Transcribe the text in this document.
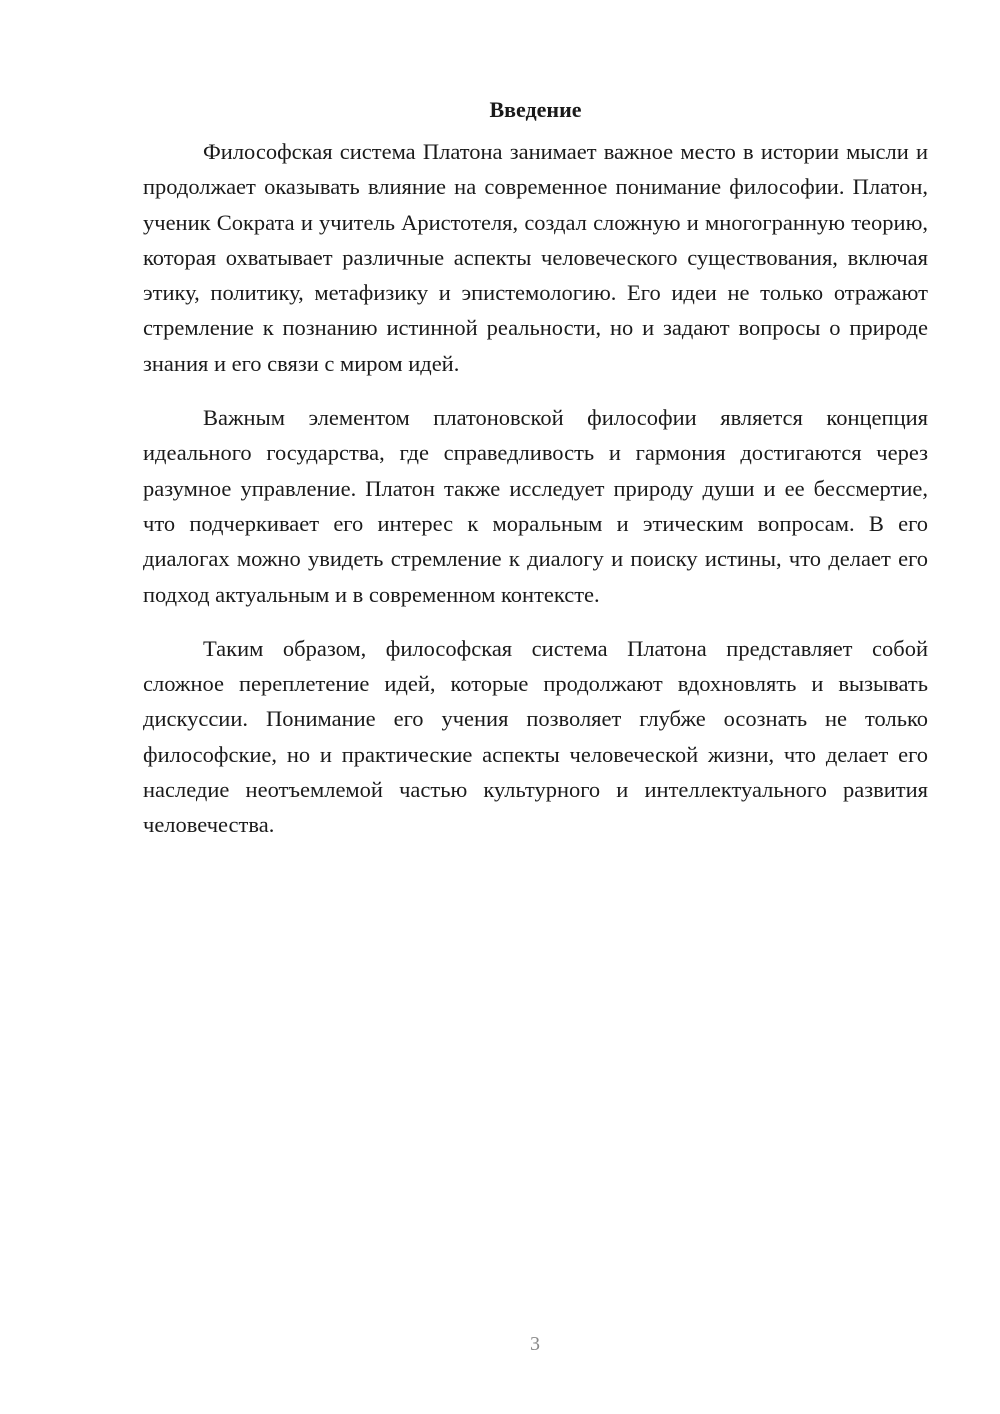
Введение

Философская система Платона занимает важное место в истории мысли и продолжает оказывать влияние на современное понимание философии. Платон, ученик Сократа и учитель Аристотеля, создал сложную и многогранную теорию, которая охватывает различные аспекты человеческого существования, включая этику, политику, метафизику и эпистемологию. Его идеи не только отражают стремление к познанию истинной реальности, но и задают вопросы о природе знания и его связи с миром идей.

Важным элементом платоновской философии является концепция идеального государства, где справедливость и гармония достигаются через разумное управление. Платон также исследует природу души и ее бессмертие, что подчеркивает его интерес к моральным и этическим вопросам. В его диалогах можно увидеть стремление к диалогу и поиску истины, что делает его подход актуальным и в современном контексте.

Таким образом, философская система Платона представляет собой сложное переплетение идей, которые продолжают вдохновлять и вызывать дискуссии. Понимание его учения позволяет глубже осознать не только философские, но и практические аспекты человеческой жизни, что делает его наследие неотъемлемой частью культурного и интеллектуального развития человечества.

3
